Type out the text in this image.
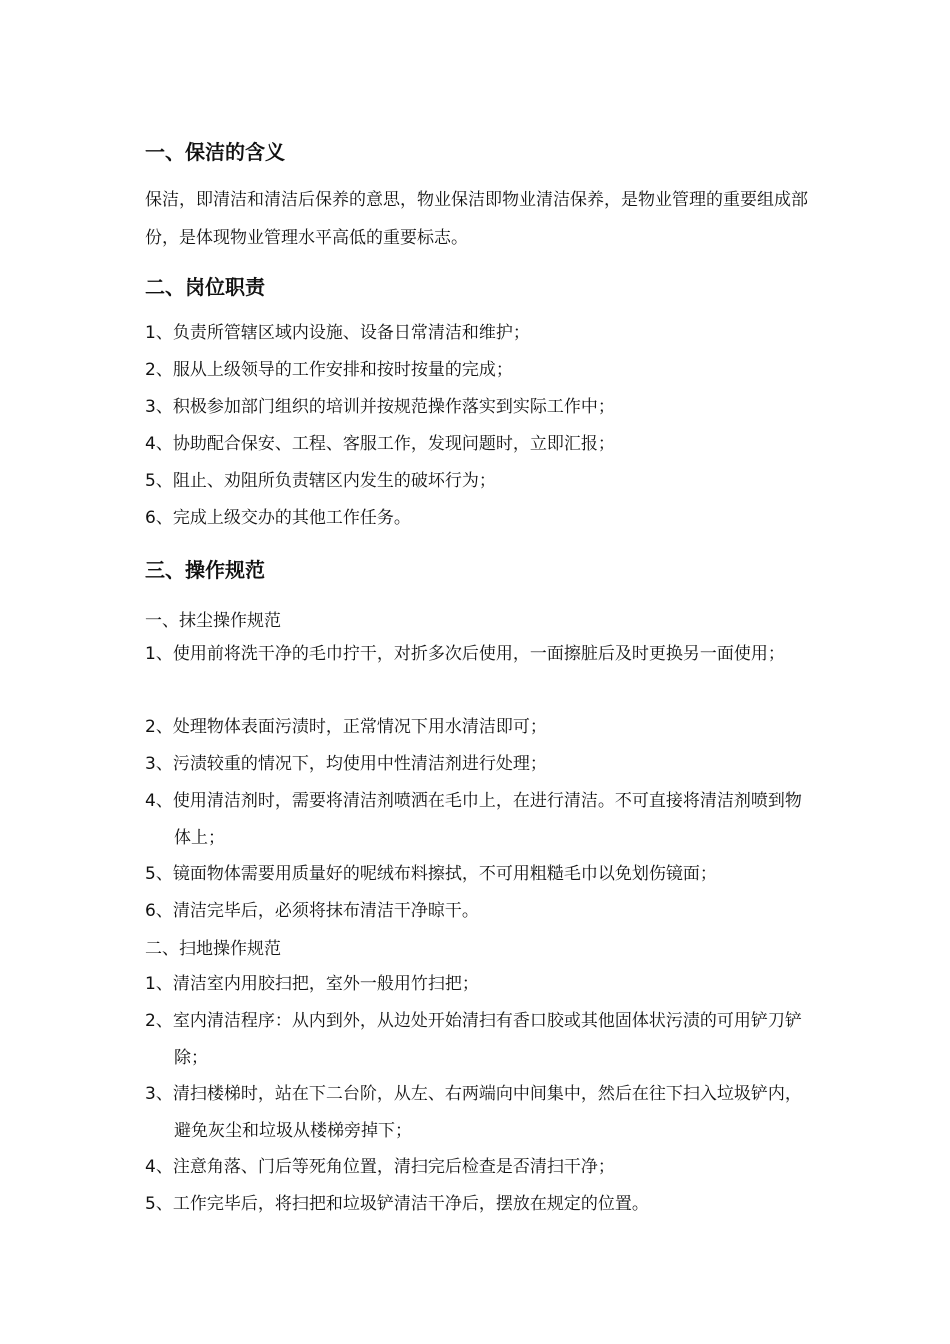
一、保洁的含义
保洁，即清洁和清洁后保养的意思，物业保洁即物业清洁保养，是物业管理的重要组成部份，是体现物业管理水平高低的重要标志。
二、岗位职责
1、负责所管辖区域内设施、设备日常清洁和维护；
2、服从上级领导的工作安排和按时按量的完成；
3、积极参加部门组织的培训并按规范操作落实到实际工作中；
4、协助配合保安、工程、客服工作，发现问题时，立即汇报；
5、阻止、劝阻所负责辖区内发生的破坏行为；
6、完成上级交办的其他工作任务。
三、操作规范
一、抹尘操作规范
1、使用前将洗干净的毛巾拧干，对折多次后使用，一面擦脏后及时更换另一面使用；
2、处理物体表面污渍时，正常情况下用水清洁即可；
3、污渍较重的情况下，均使用中性清洁剂进行处理；
4、使用清洁剂时，需要将清洁剂喷洒在毛巾上，在进行清洁。不可直接将清洁剂喷到物体上；
5、镜面物体需要用质量好的呢绒布料擦拭，不可用粗糙毛巾以免划伤镜面；
6、清洁完毕后，必须将抹布清洁干净晾干。
二、扫地操作规范
1、清洁室内用胶扫把，室外一般用竹扫把；
2、室内清洁程序：从内到外，从边处开始清扫有香口胶或其他固体状污渍的可用铲刀铲除；
3、清扫楼梯时，站在下二台阶，从左、右两端向中间集中，然后在往下扫入垃圾铲内，避免灰尘和垃圾从楼梯旁掉下；
4、注意角落、门后等死角位置，清扫完后检查是否清扫干净；
5、工作完毕后，将扫把和垃圾铲清洁干净后，摆放在规定的位置。
